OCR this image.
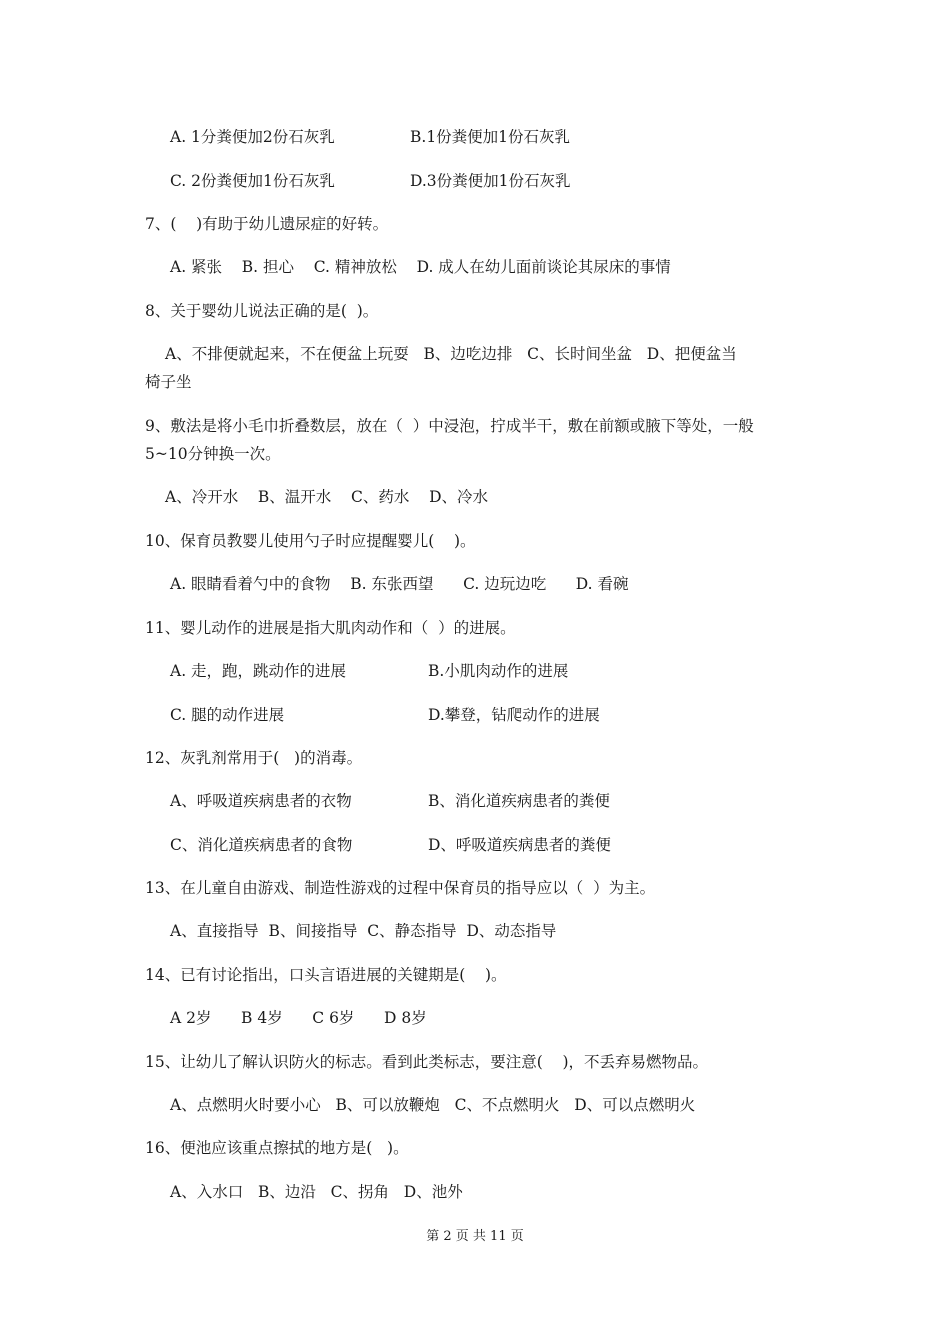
A. 1分粪便加2份石灰乳	B.1份粪便加1份石灰乳
C. 2份粪便加1份石灰乳	D.3份粪便加1份石灰乳
7、(    )有助于幼儿遗尿症的好转。
A. 紧张    B. 担心    C. 精神放松    D. 成人在幼儿面前谈论其尿床的事情
8、关于婴幼儿说法正确的是(  )。
A、不排便就起来，不在便盆上玩耍   B、边吃边排   C、长时间坐盆   D、把便盆当
椅子坐
9、敷法是将小毛巾折叠数层，放在（  ）中浸泡，拧成半干，敷在前额或腋下等处，一般
5~10分钟换一次。
A、冷开水    B、温开水    C、药水    D、冷水
10、保育员教婴儿使用勺子时应提醒婴儿(    )。
A. 眼睛看着勺中的食物    B. 东张西望      C. 边玩边吃      D. 看碗
11、婴儿动作的进展是指大肌肉动作和（  ）的进展。
A. 走，跑，跳动作的进展	B.小肌肉动作的进展
C. 腿的动作进展	D.攀登，钻爬动作的进展
12、灰乳剂常用于(   )的消毒。
A、呼吸道疾病患者的衣物	B、消化道疾病患者的粪便
C、消化道疾病患者的食物	D、呼吸道疾病患者的粪便
13、在儿童自由游戏、制造性游戏的过程中保育员的指导应以（  ）为主。
A、直接指导  B、间接指导  C、静态指导  D、动态指导
14、已有讨论指出，口头言语进展的关键期是(    )。
A 2岁      B 4岁      C 6岁      D 8岁
15、让幼儿了解认识防火的标志。看到此类标志，要注意(    )，不丢弃易燃物品。
A、点燃明火时要小心   B、可以放鞭炮   C、不点燃明火   D、可以点燃明火
16、便池应该重点擦拭的地方是(   )。
A、入水口   B、边沿   C、拐角   D、池外
第 2 页 共 11 页
